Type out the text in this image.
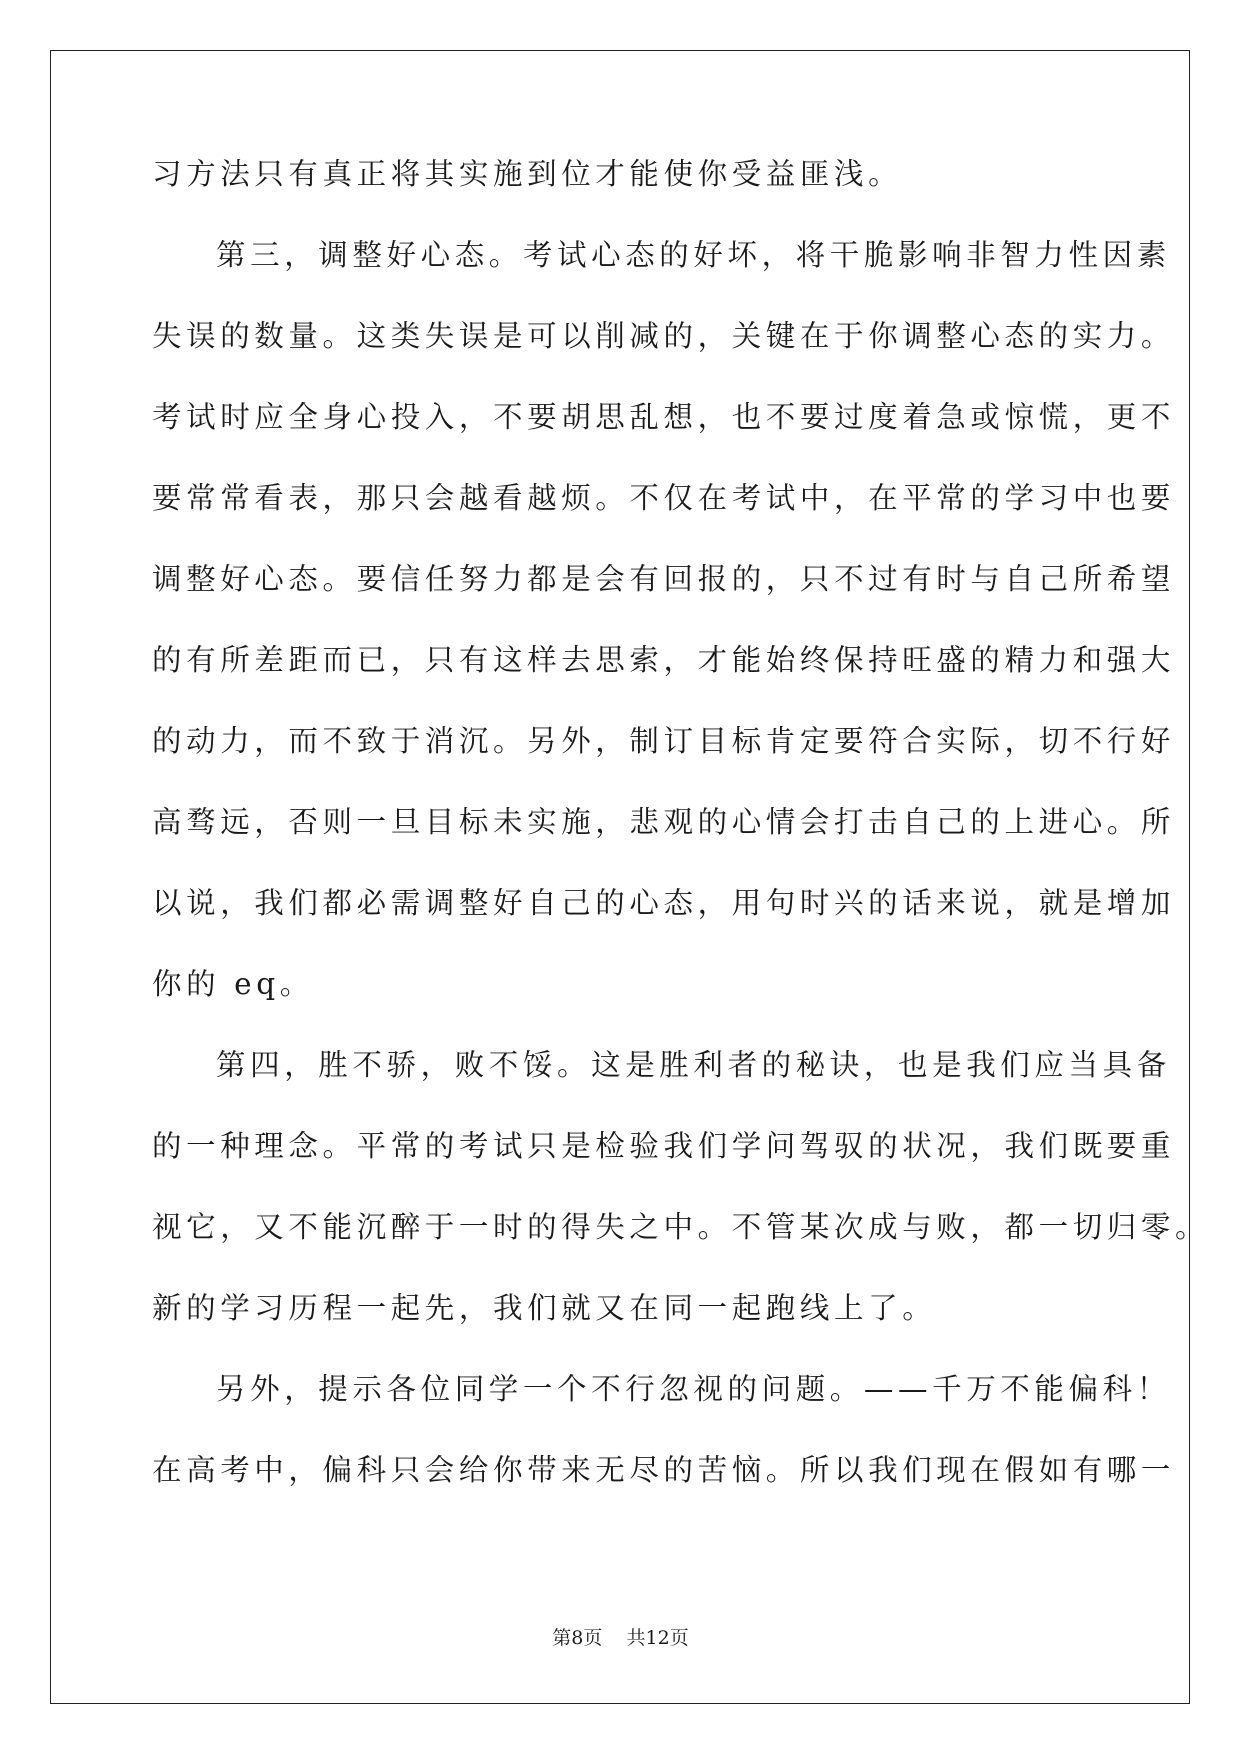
习方法只有真正将其实施到位才能使你受益匪浅。
第三，调整好心态。考试心态的好坏，将干脆影响非智力性因素
失误的数量。这类失误是可以削减的，关键在于你调整心态的实力。
考试时应全身心投入，不要胡思乱想，也不要过度着急或惊慌，更不
要常常看表，那只会越看越烦。不仅在考试中，在平常的学习中也要
调整好心态。要信任努力都是会有回报的，只不过有时与自己所希望
的有所差距而已，只有这样去思索，才能始终保持旺盛的精力和强大
的动力，而不致于消沉。另外，制订目标肯定要符合实际，切不行好
高骛远，否则一旦目标未实施，悲观的心情会打击自己的上进心。所
以说，我们都必需调整好自己的心态，用句时兴的话来说，就是增加
你的 eq。
第四，胜不骄，败不馁。这是胜利者的秘诀，也是我们应当具备
的一种理念。平常的考试只是检验我们学问驾驭的状况，我们既要重
视它，又不能沉醉于一时的得失之中。不管某次成与败，都一切归零。
新的学习历程一起先，我们就又在同一起跑线上了。
另外，提示各位同学一个不行忽视的问题。——千万不能偏科！
在高考中，偏科只会给你带来无尽的苦恼。所以我们现在假如有哪一
第8页 共12页
